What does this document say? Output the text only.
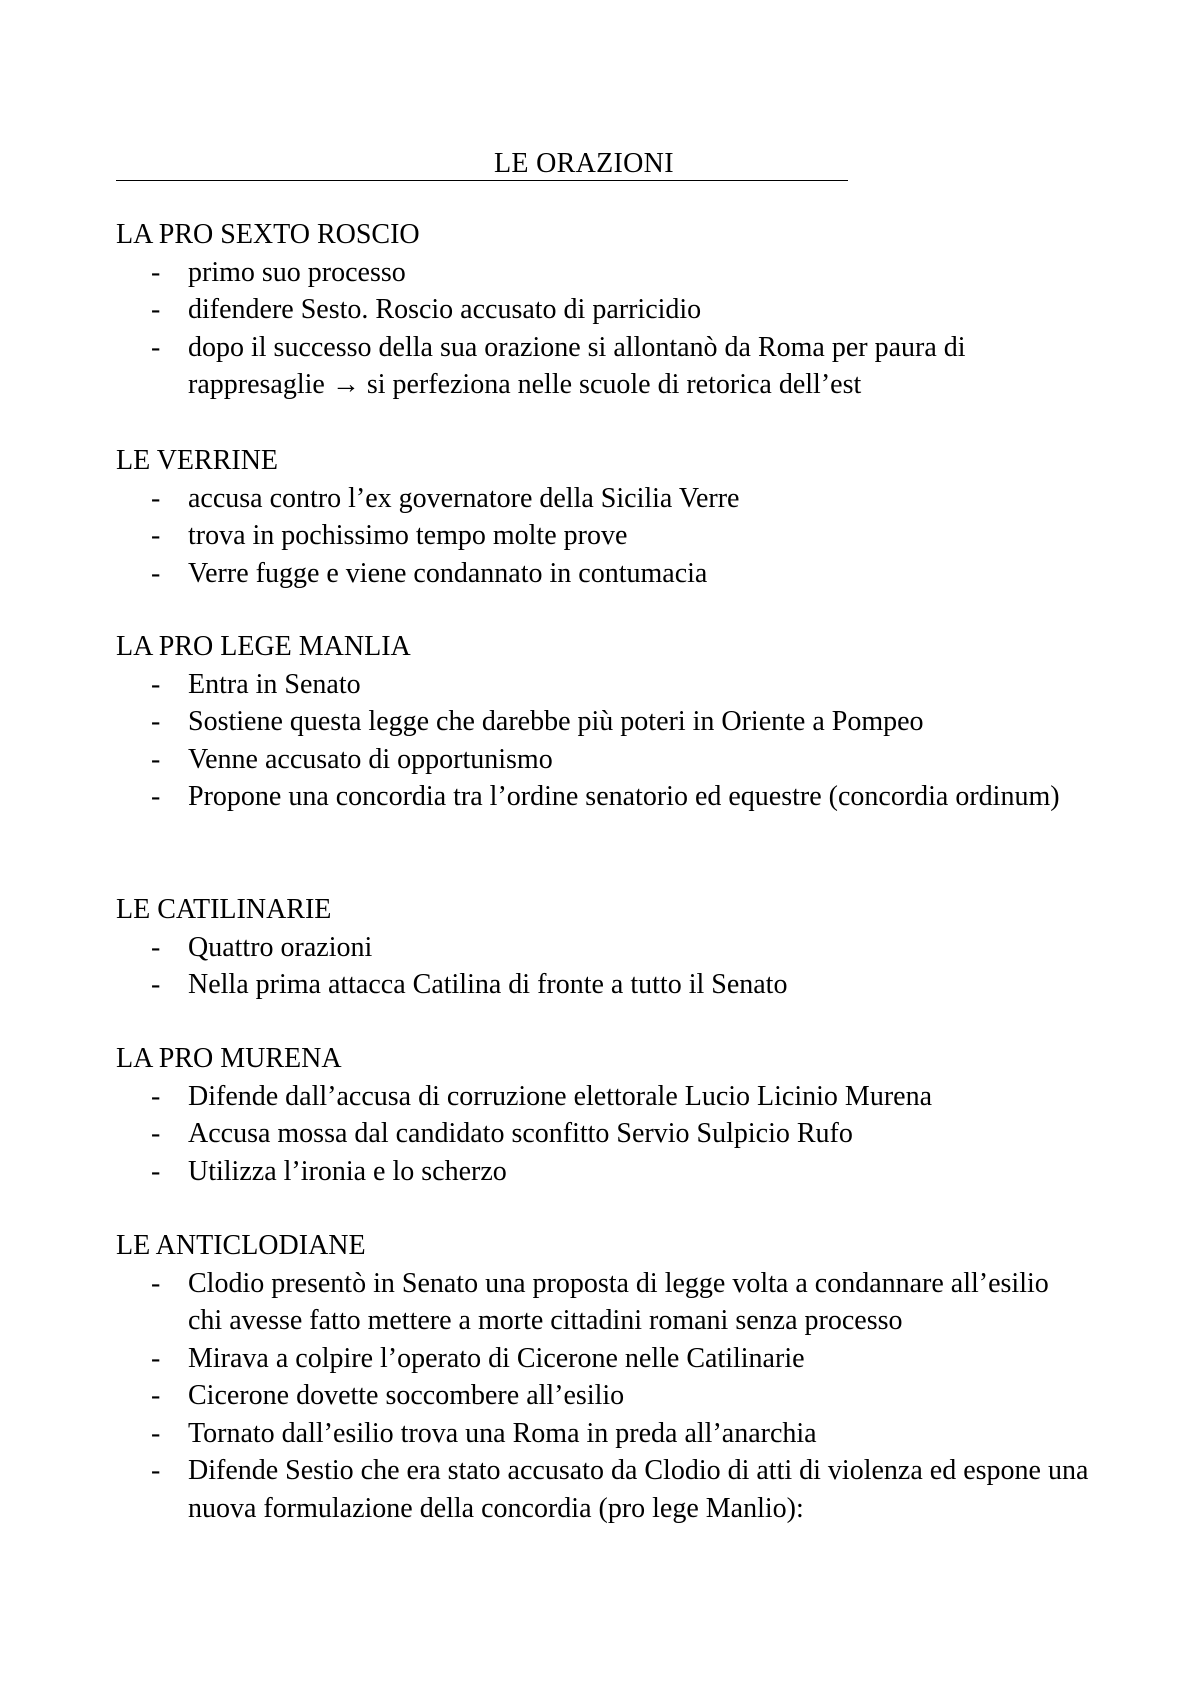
LE ORAZIONI
LA PRO SEXTO ROSCIO
- primo suo processo
- difendere Sesto. Roscio accusato di parricidio
- dopo il successo della sua orazione si allontanò da Roma per paura di rappresaglie → si perfeziona nelle scuole di retorica dell’est
LE VERRINE
- accusa contro l’ex governatore della Sicilia Verre
- trova in pochissimo tempo molte prove
- Verre fugge e viene condannato in contumacia
LA PRO LEGE MANLIA
- Entra in Senato
- Sostiene questa legge che darebbe più poteri in Oriente a Pompeo
- Venne accusato di opportunismo
- Propone una concordia tra l’ordine senatorio ed equestre (concordia ordinum)
LE CATILINARIE
- Quattro orazioni
- Nella prima attacca Catilina di fronte a tutto il Senato
LA PRO MURENA
- Difende dall’accusa di corruzione elettorale Lucio Licinio Murena
- Accusa mossa dal candidato sconfitto Servio Sulpicio Rufo
- Utilizza l’ironia e lo scherzo
LE ANTICLODIANE
- Clodio presentò in Senato una proposta di legge volta a condannare all’esilio chi avesse fatto mettere a morte cittadini romani senza processo
- Mirava a colpire l’operato di Cicerone nelle Catilinarie
- Cicerone dovette soccombere all’esilio
- Tornato dall’esilio trova una Roma in preda all’anarchia
- Difende Sestio che era stato accusato da Clodio di atti di violenza ed espone una nuova formulazione della concordia (pro lege Manlio):
